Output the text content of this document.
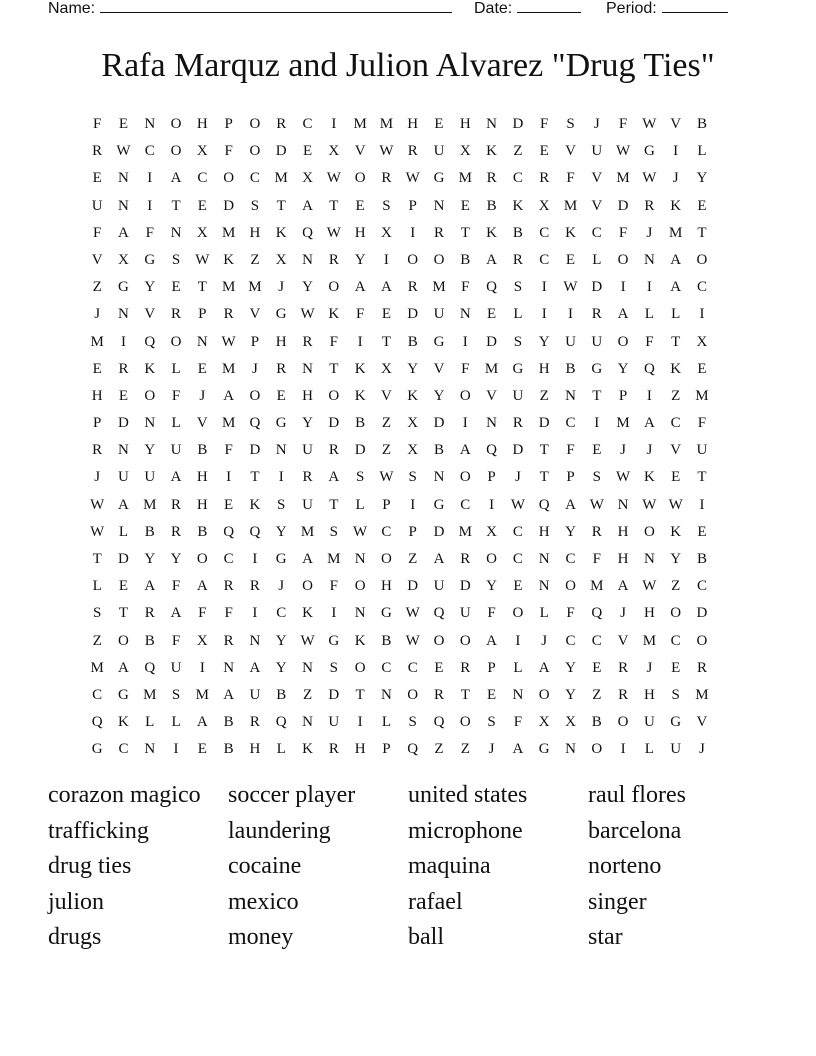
Name:	Date:	Period:
Rafa Marquz and Julion Alvarez "Drug Ties"
F	E	N	O	H	P	O	R	C	I	M M H	E	H	N	D	F	S	J	F	W V	B
R W C	O	X	F	O	D	E	X	V W R	U	X	K	Z	E	V	U W G	I	L
E	N	I	A	C	O	C M X W O	R W G M R	C	R	F	V M W	J	Y
U	N	I	T	E	D	S	T	A	T	E	S	P	N	E	B	K	X M V	D	R	K	E
F	A	F	N	X M H	K	Q W H	X	I	R	T	K	B	C	K	C	F	J	M	T
V	X	G	S	W K	Z	X	N	R	Y	I	O	O	B	A	R	C	E	L	O	N	A	O
Z	G	Y	E	T	M M	J	Y	O	A	A	R M	F	Q	S	I	W D	I	I	A	C
J	N	V	R	P	R	V	G W K	F	E	D	U	N	E	L	I	I	R	A	L	L	I
M	I	Q	O	N W	P	H	R	F	I	T	B	G	I	D	S	Y	U	U	O	F	T	X
E	R	K	L	E	M	J	R	N	T	K	X	Y	V	F	M G	H	B	G	Y	Q	K	E
H	E	O	F	J	A	O	E	H	O	K	V	K	Y	O	V	U	Z	N	T	P	I	Z	M
P	D	N	L	V M Q	G	Y	D	B	Z	X	D	I	N	R	D	C	I	M A	C	F
R	N	Y	U	B	F	D	N	U	R	D	Z	X	B	A	Q	D	T	F	E	J	J	V	U
J	U	U	A	H	I	T	I	R	A	S	W	S	N	O	P	J	T	P	S	W K	E	T
W A M R	H	E	K	S	U	T	L	P	I	G	C	I	W Q	A W N W W	I
W L	B	R	B	Q	Q	Y M	S	W C	P	D M X	C	H	Y	R	H	O	K	E
T	D	Y	Y	O	C	I	G	A M N	O	Z	A	R	O	C	N	C	F	H	N	Y	B
L	E	A	F	A	R	R	J	O	F	O	H	D	U	D	Y	E	N	O M A W Z	C
S	T	R	A	F	F	I	C	K	I	N	G W Q	U	F	O	L	F	Q	J	H	O	D
Z	O	B	F	X	R	N	Y W G	K	B W O	O	A	I	J	C	C	V M C	O
M A	Q	U	I	N	A	Y	N	S	O	C	C	E	R	P	L	A	Y	E	R	J	E	R
C	G M	S	M A	U	B	Z	D	T	N	O	R	T	E	N	O	Y	Z	R	H	S	M
Q	K	L	L	A	B	R	Q	N	U	I	L	S	Q	O	S	F	X	X	B	O	U	G	V
G	C	N	I	E	B	H	L	K	R	H	P	Q	Z	Z	J	A	G	N	O	I	L	U	J
corazon magico	soccer player	united states	raul flores
trafficking	laundering	microphone	barcelona
drug ties	cocaine	maquina	norteno
julion	mexico	rafael	singer
drugs	money	ball	star
